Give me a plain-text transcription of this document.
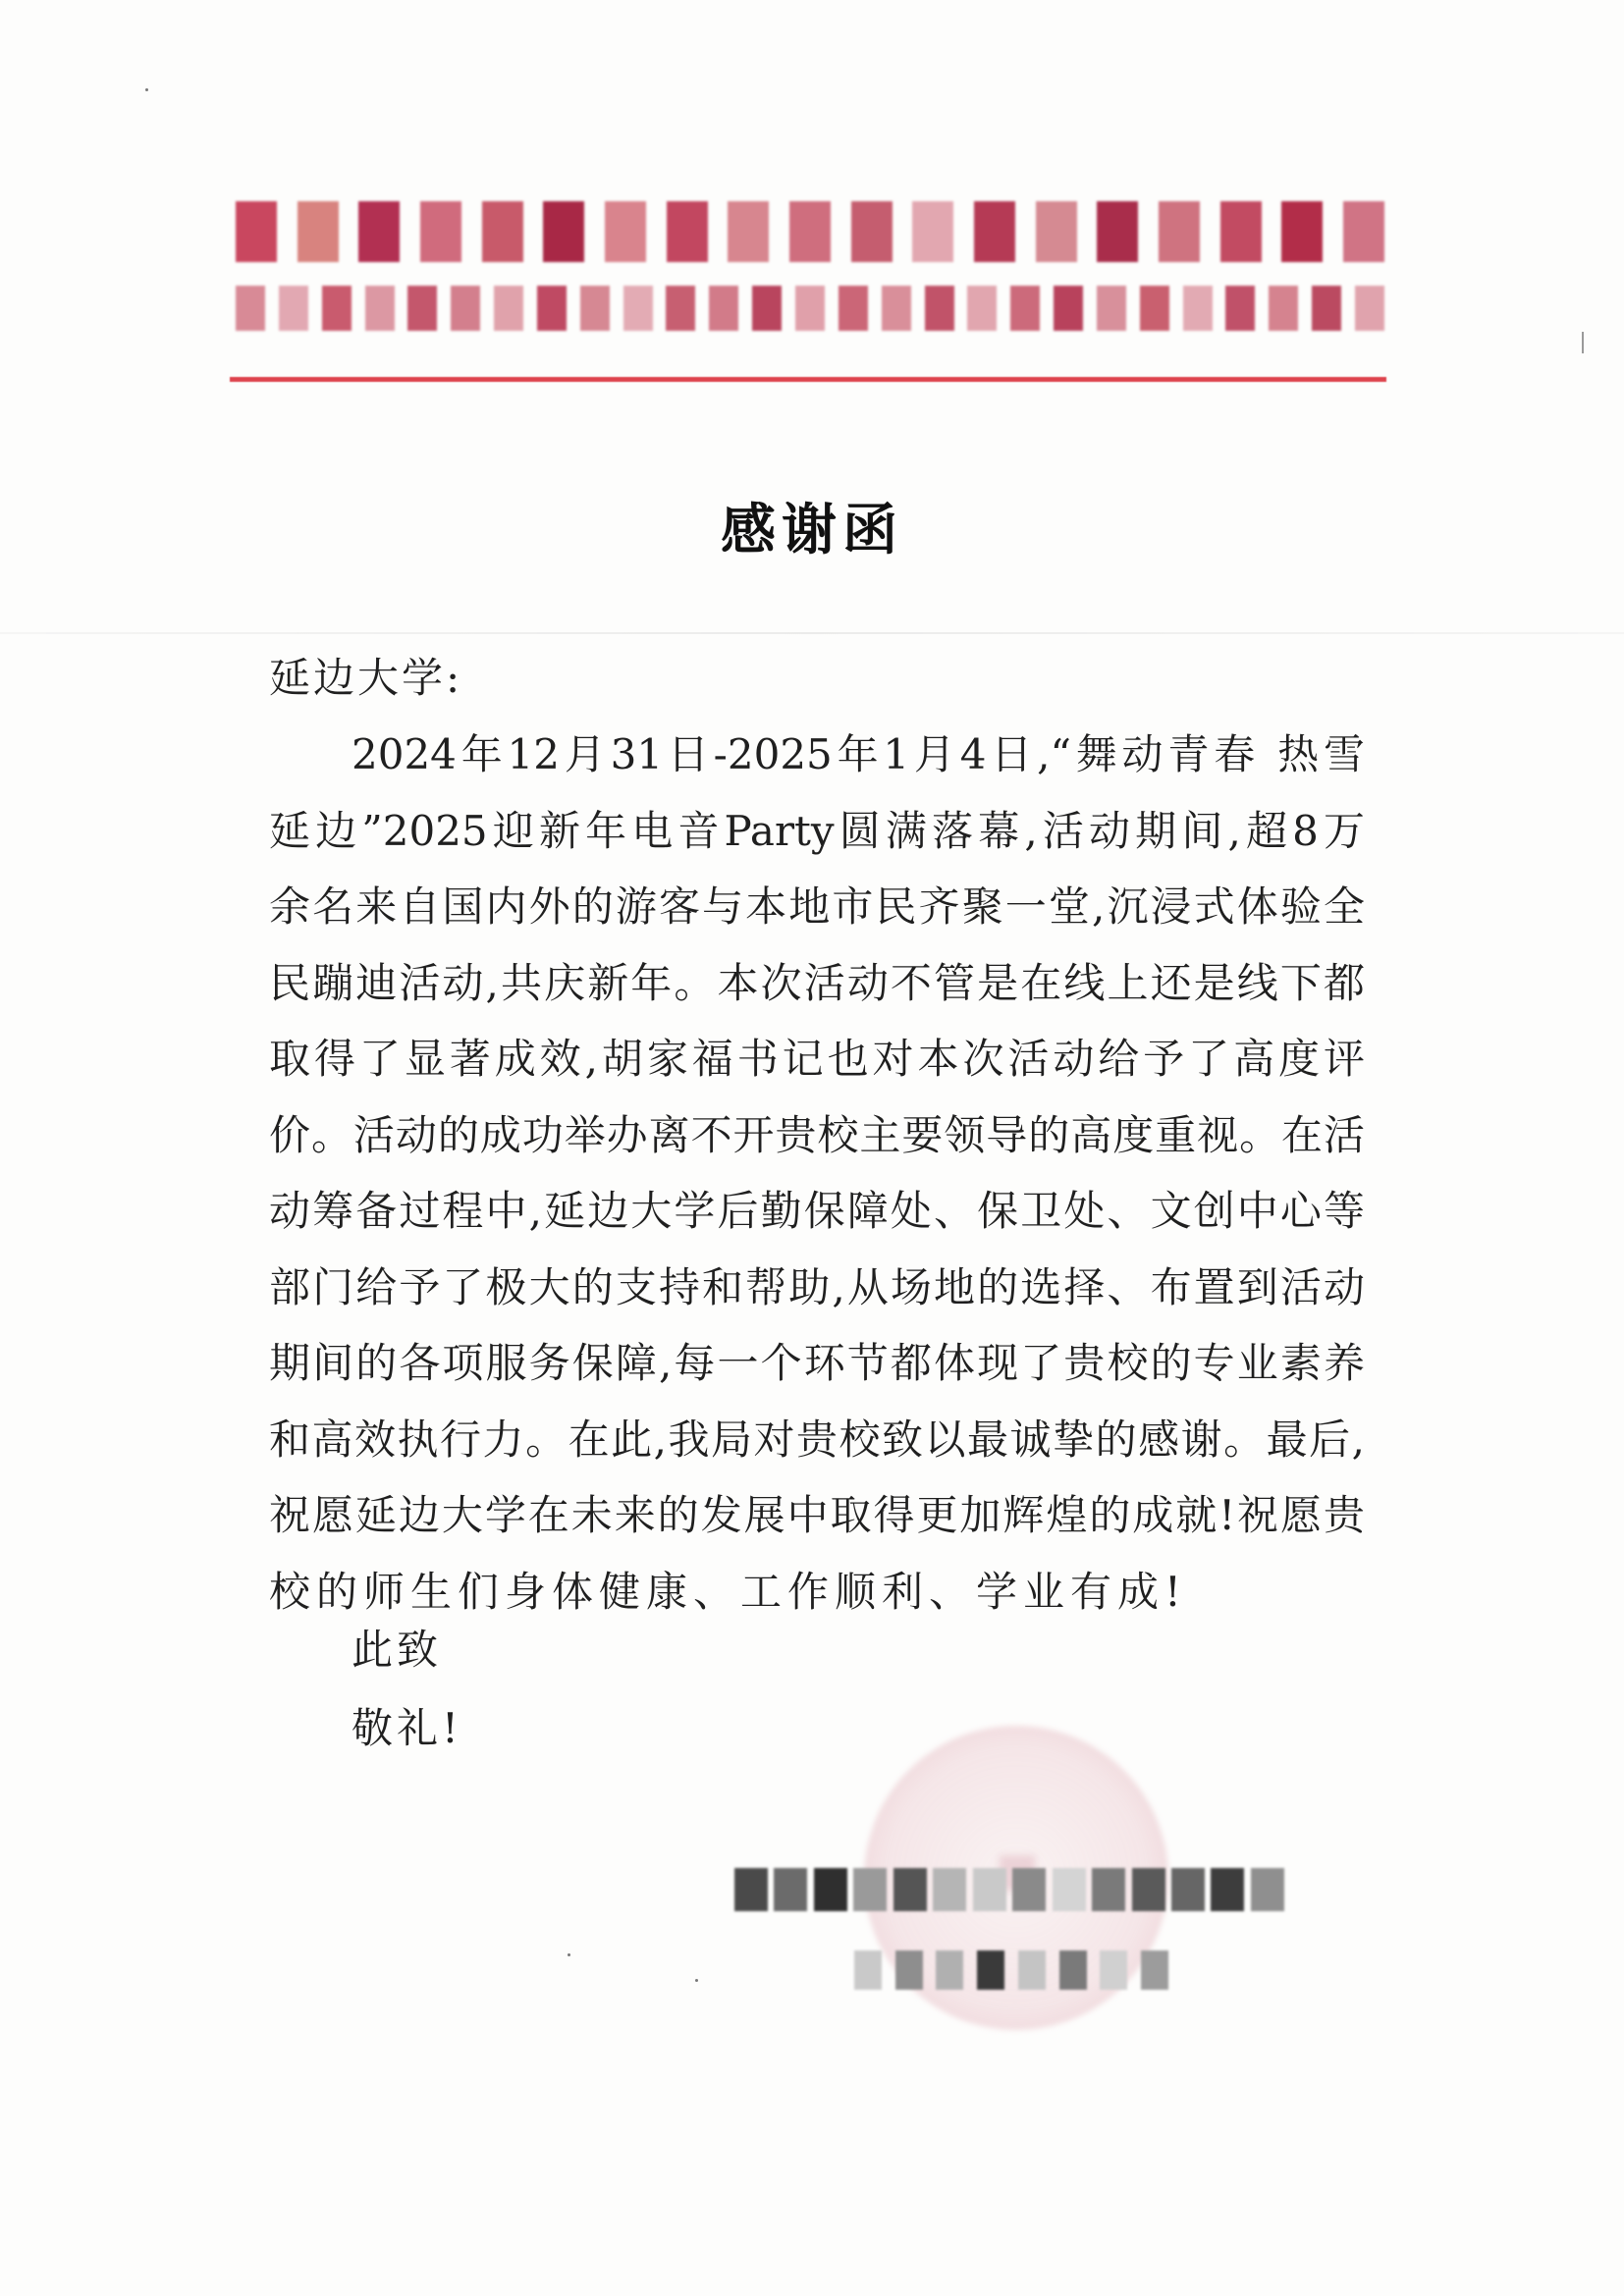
感谢函
延边大学:
2024年12月31日-2025年1月4日,“舞动青春 热雪
延边”2025迎新年电音Party圆满落幕,活动期间,超8万
余名来自国内外的游客与本地市民齐聚一堂,沉浸式体验全
民蹦迪活动,共庆新年。本次活动不管是在线上还是线下都
取得了显著成效,胡家福书记也对本次活动给予了高度评
价。活动的成功举办离不开贵校主要领导的高度重视。在活
动筹备过程中,延边大学后勤保障处、保卫处、文创中心等
部门给予了极大的支持和帮助,从场地的选择、布置到活动
期间的各项服务保障,每一个环节都体现了贵校的专业素养
和高效执行力。在此,我局对贵校致以最诚挚的感谢。最后,
祝愿延边大学在未来的发展中取得更加辉煌的成就!祝愿贵
校的师生们身体健康、工作顺利、学业有成!
此致
敬礼!
